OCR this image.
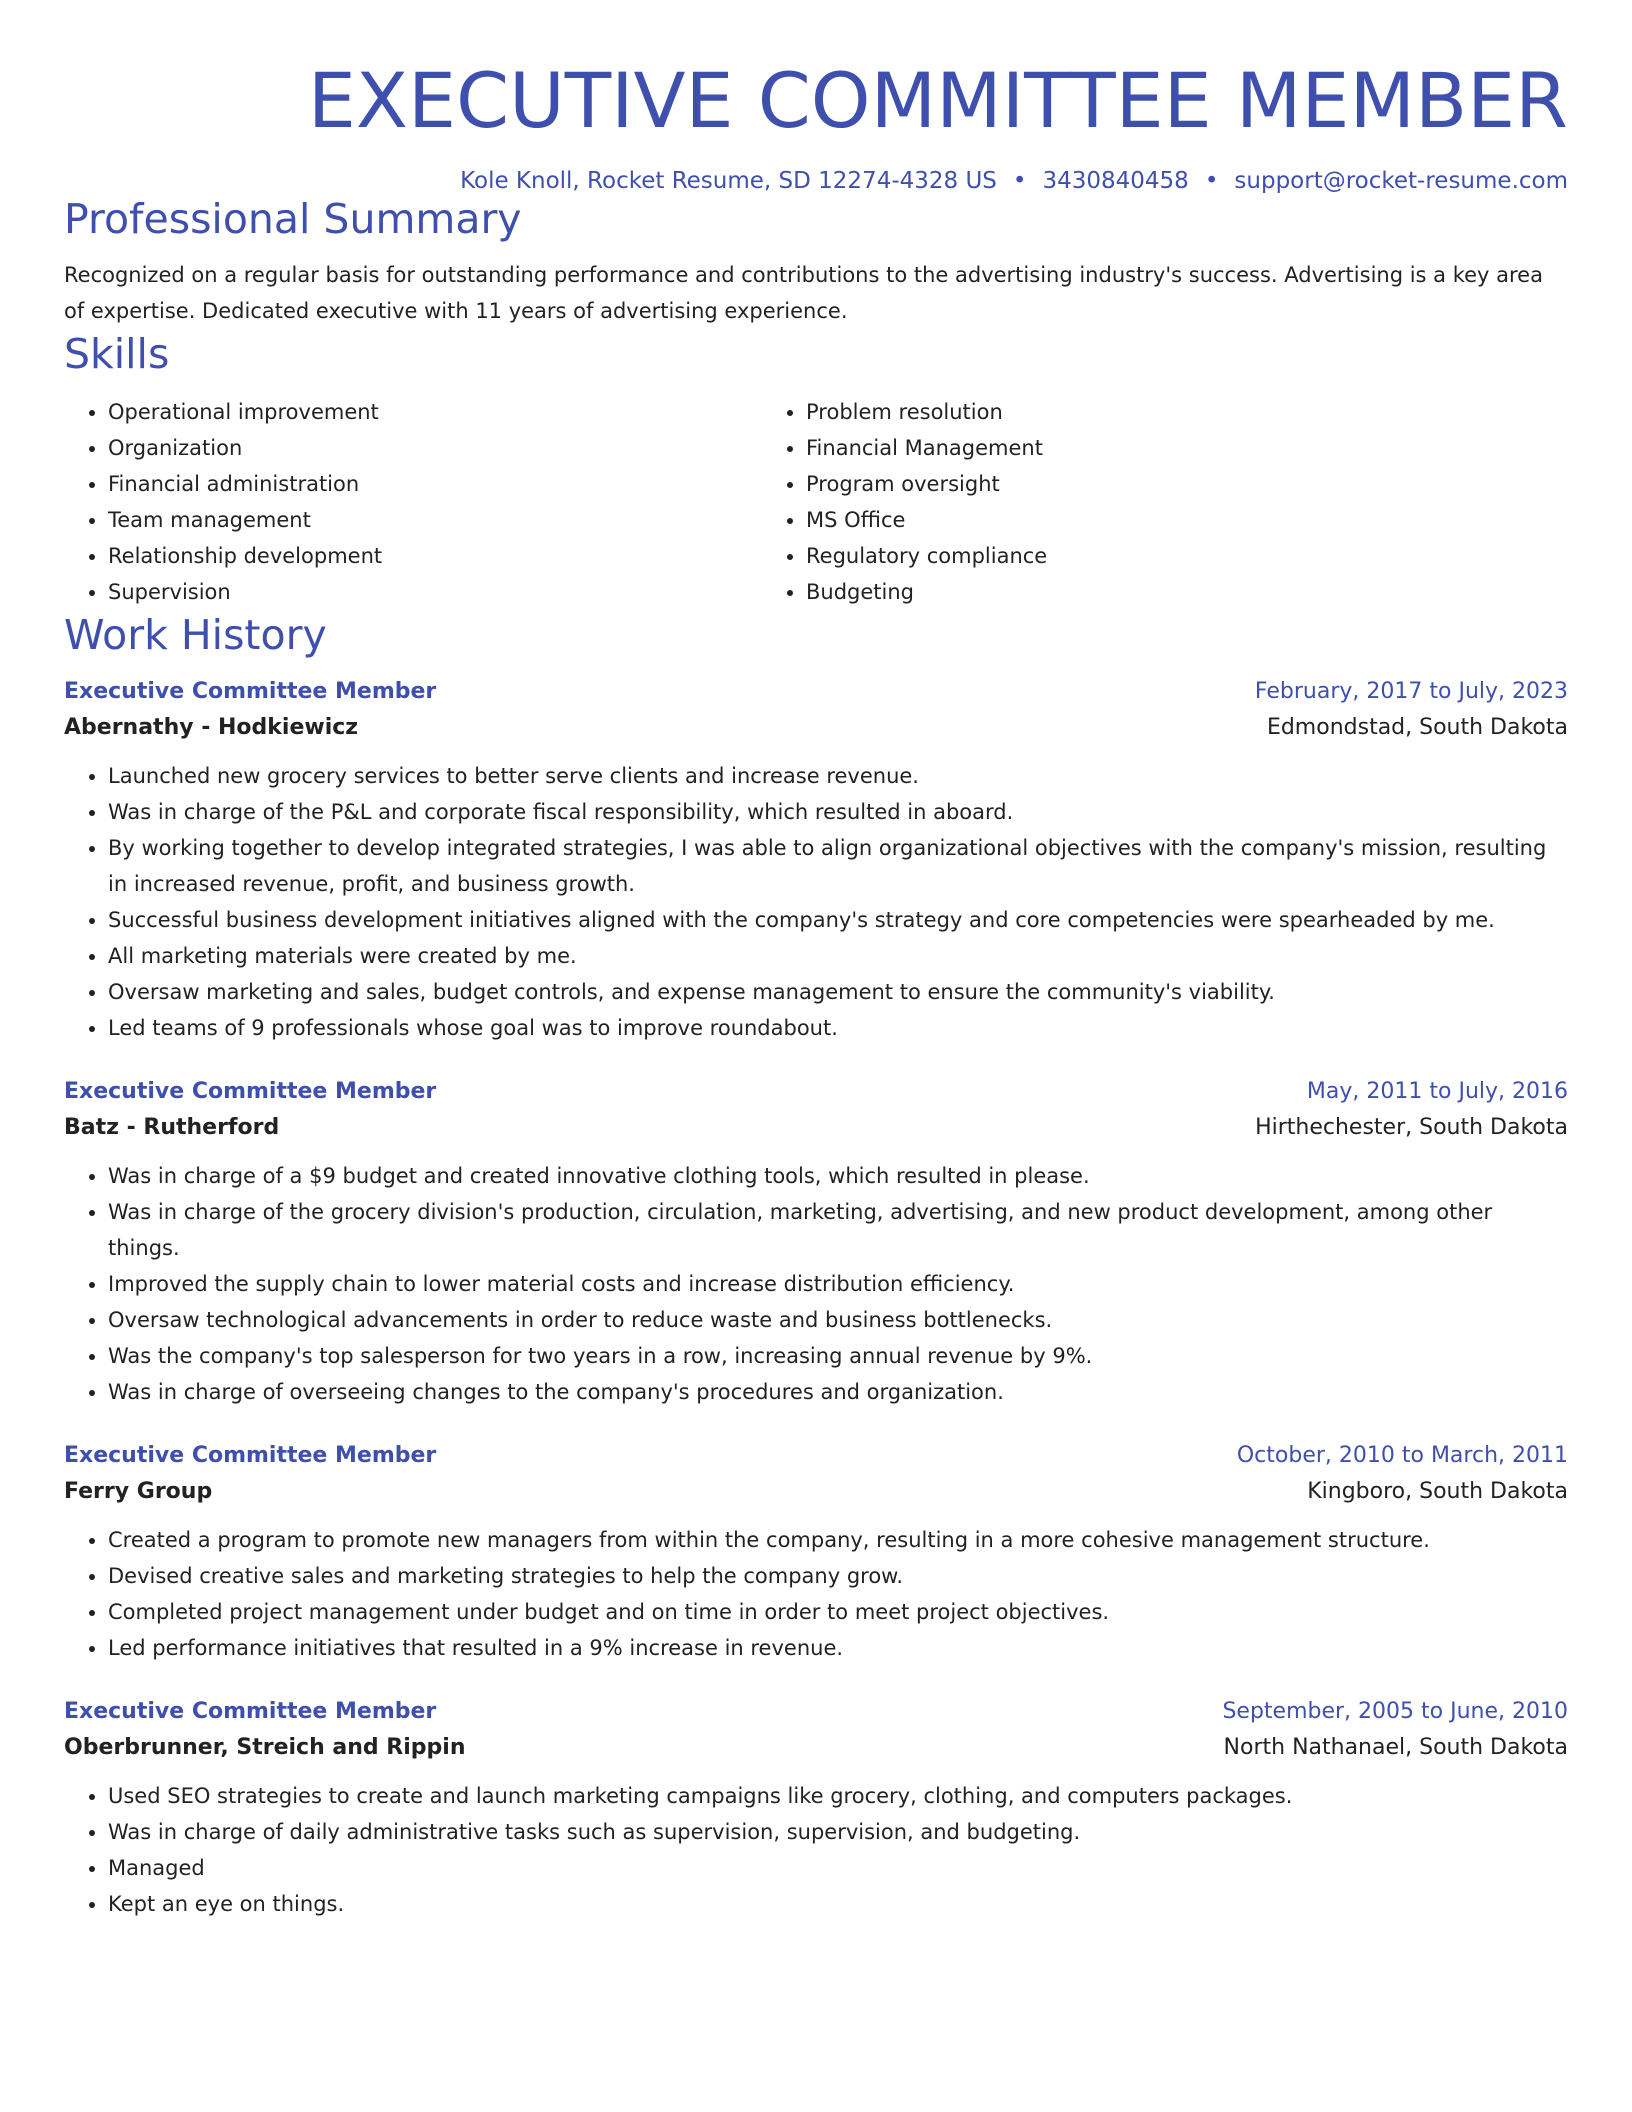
EXECUTIVE COMMITTEE MEMBER
Kole Knoll, Rocket Resume, SD 12274-4328 US • 3430840458 • support@rocket-resume.com
Professional Summary
Recognized on a regular basis for outstanding performance and contributions to the advertising industry's success. Advertising is a key area of expertise. Dedicated executive with 11 years of advertising experience.
Skills
• Operational improvement
• Organization
• Financial administration
• Team management
• Relationship development
• Supervision
• Problem resolution
• Financial Management
• Program oversight
• MS Office
• Regulatory compliance
• Budgeting
Work History
Executive Committee Member	February, 2017 to July, 2023
Abernathy - Hodkiewicz	Edmondstad, South Dakota
• Launched new grocery services to better serve clients and increase revenue.
• Was in charge of the P&L and corporate fiscal responsibility, which resulted in aboard.
• By working together to develop integrated strategies, I was able to align organizational objectives with the company's mission, resulting in increased revenue, profit, and business growth.
• Successful business development initiatives aligned with the company's strategy and core competencies were spearheaded by me.
• All marketing materials were created by me.
• Oversaw marketing and sales, budget controls, and expense management to ensure the community's viability.
• Led teams of 9 professionals whose goal was to improve roundabout.
Executive Committee Member	May, 2011 to July, 2016
Batz - Rutherford	Hirthechester, South Dakota
• Was in charge of a $9 budget and created innovative clothing tools, which resulted in please.
• Was in charge of the grocery division's production, circulation, marketing, advertising, and new product development, among other things.
• Improved the supply chain to lower material costs and increase distribution efficiency.
• Oversaw technological advancements in order to reduce waste and business bottlenecks.
• Was the company's top salesperson for two years in a row, increasing annual revenue by 9%.
• Was in charge of overseeing changes to the company's procedures and organization.
Executive Committee Member	October, 2010 to March, 2011
Ferry Group	Kingboro, South Dakota
• Created a program to promote new managers from within the company, resulting in a more cohesive management structure.
• Devised creative sales and marketing strategies to help the company grow.
• Completed project management under budget and on time in order to meet project objectives.
• Led performance initiatives that resulted in a 9% increase in revenue.
Executive Committee Member	September, 2005 to June, 2010
Oberbrunner, Streich and Rippin	North Nathanael, South Dakota
• Used SEO strategies to create and launch marketing campaigns like grocery, clothing, and computers packages.
• Was in charge of daily administrative tasks such as supervision, supervision, and budgeting.
• Managed
• Kept an eye on things.
